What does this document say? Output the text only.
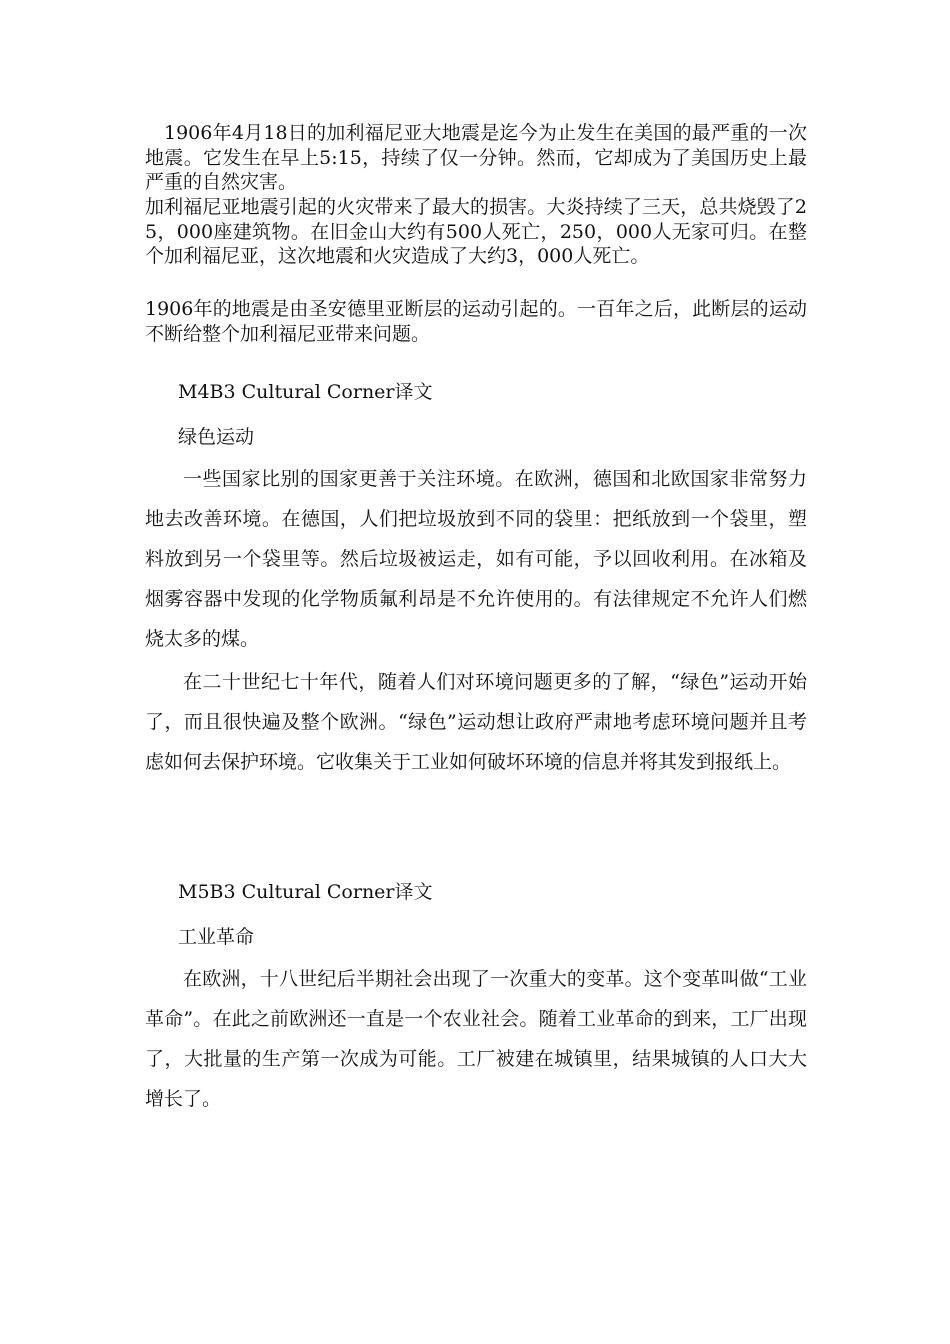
1906年4月18日的加利福尼亚大地震是迄今为止发生在美国的最严重的一次地震。它发生在早上5:15，持续了仅一分钟。然而，它却成为了美国历史上最严重的自然灾害。

加利福尼亚地震引起的火灾带来了最大的损害。大炎持续了三天，总共烧毁了25，000座建筑物。在旧金山大约有500人死亡，250，000人无家可归。在整个加利福尼亚，这次地震和火灾造成了大约3，000人死亡。

1906年的地震是由圣安德里亚断层的运动引起的。一百年之后，此断层的运动不断给整个加利福尼亚带来问题。

M4B3 Cultural Corner译文

绿色运动

一些国家比别的国家更善于关注环境。在欧洲，德国和北欧国家非常努力地去改善环境。在德国，人们把垃圾放到不同的袋里：把纸放到一个袋里，塑料放到另一个袋里等。然后垃圾被运走，如有可能，予以回收利用。在冰箱及烟雾容器中发现的化学物质氟利昂是不允许使用的。有法律规定不允许人们燃烧太多的煤。

在二十世纪七十年代，随着人们对环境问题更多的了解，“绿色”运动开始了，而且很快遍及整个欧洲。“绿色”运动想让政府严肃地考虑环境问题并且考虑如何去保护环境。它收集关于工业如何破坏环境的信息并将其发到报纸上。

M5B3 Cultural Corner译文

工业革命

在欧洲，十八世纪后半期社会出现了一次重大的变革。这个变革叫做“工业革命”。在此之前欧洲还一直是一个农业社会。随着工业革命的到来，工厂出现了，大批量的生产第一次成为可能。工厂被建在城镇里，结果城镇的人口大大增长了。
